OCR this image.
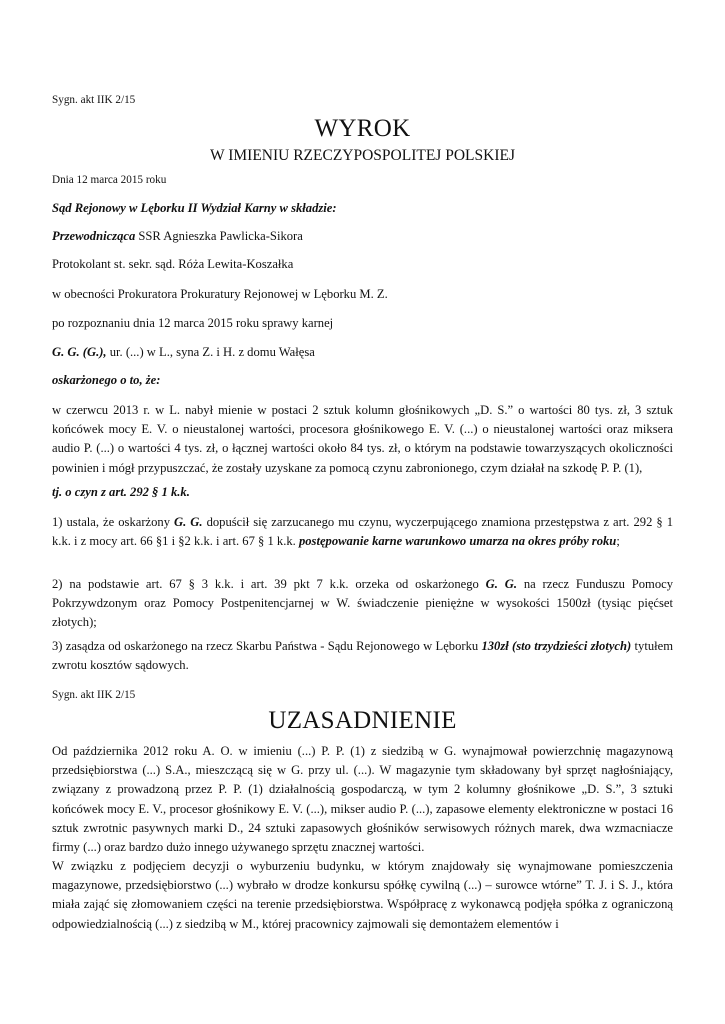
Sygn. akt IIK 2/15

WYROK

W IMIENIU RZECZYPOSPOLITEJ POLSKIEJ

Dnia 12 marca 2015 roku

Sąd Rejonowy w Lęborku II Wydział Karny w składzie:

Przewodnicząca SSR Agnieszka Pawlicka-Sikora

Protokolant st. sekr. sąd. Róża Lewita-Koszałka

w obecności Prokuratora Prokuratury Rejonowej w Lęborku M. Z.

po rozpoznaniu dnia 12 marca 2015 roku sprawy karnej

G. G. (G.), ur. (...) w L., syna Z. i H. z domu Wałęsa

oskarżonego o to, że:

w czerwcu 2013 r. w L. nabył mienie w postaci 2 sztuk kolumn głośnikowych „D. S.” o wartości 80 tys. zł, 3 sztuk końcówek mocy E. V. o nieustalonej wartości, procesora głośnikowego E. V. (...) o nieustalonej wartości oraz miksera audio P. (...) o wartości 4 tys. zł, o łącznej wartości około 84 tys. zł, o którym na podstawie towarzyszących okoliczności powinien i mógł przypuszczać, że zostały uzyskane za pomocą czynu zabronionego, czym działał na szkodę P. P. (1),

tj. o czyn z art. 292 § 1 k.k.

1) ustala, że oskarżony G. G. dopuścił się zarzucanego mu czynu, wyczerpującego znamiona przestępstwa z art. 292 § 1 k.k. i z mocy art. 66 §1 i §2 k.k. i art. 67 § 1 k.k. postępowanie karne warunkowo umarza na okres próby roku;

2) na podstawie art. 67 § 3 k.k. i art. 39 pkt 7 k.k. orzeka od oskarżonego G. G. na rzecz Funduszu Pomocy Pokrzywdzonym oraz Pomocy Postpenitencjarnej w W. świadczenie pieniężne w wysokości 1500zł (tysiąc pięćset złotych);

3) zasądza od oskarżonego na rzecz Skarbu Państwa - Sądu Rejonowego w Lęborku 130zł (sto trzydzieści złotych) tytułem zwrotu kosztów sądowych.

Sygn. akt IIK 2/15

UZASADNIENIE

Od października 2012 roku A. O. w imieniu (...) P. P. (1) z siedzibą w G. wynajmował powierzchnię magazynową przedsiębiorstwa (...) S.A., mieszczącą się w G. przy ul. (...). W magazynie tym składowany był sprzęt nagłośniający, związany z prowadzoną przez P. P. (1) działalnością gospodarczą, w tym 2 kolumny głośnikowe „D. S.”, 3 sztuki końcówek mocy E. V., procesor głośnikowy E. V. (...), mikser audio P. (...), zapasowe elementy elektroniczne w postaci 16 sztuk zwrotnic pasywnych marki D., 24 sztuki zapasowych głośników serwisowych różnych marek, dwa wzmacniacze firmy (...) oraz bardzo dużo innego używanego sprzętu znacznej wartości.

W związku z podjęciem decyzji o wyburzeniu budynku, w którym znajdowały się wynajmowane pomieszczenia magazynowe, przedsiębiorstwo (...) wybrało w drodze konkursu spółkę cywilną (...) – surowce wtórne” T. J. i S. J., która miała zająć się złomowaniem części na terenie przedsiębiorstwa. Współpracę z wykonawcą podjęła spółka z ograniczoną odpowiedzialnością (...) z siedzibą w M., której pracownicy zajmowali się demontażem elementów i
